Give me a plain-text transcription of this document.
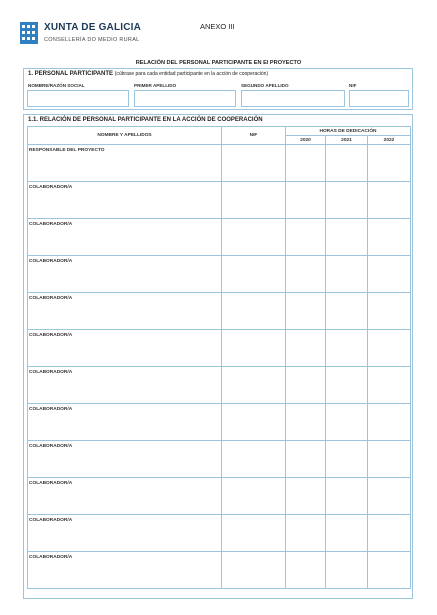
XUNTA DE GALICIA
CONSELLERÍA DO MEDIO RURAL
ANEXO III
RELACIÓN DEL PERSONAL PARTICIPANTE EN El PROYECTO
1. PERSONAL PARTICIPANTE (cúbrase para cada entidad participante en la acción de cooperación)
NOMBRE/RAZÓN SOCIAL	PRIMER APELLIDO	SEGUNDO APELLIDO	NIF
1.1. RELACIÓN DE PERSONAL PARTICIPANTE EN LA ACCIÓN DE COOPERACIÓN
NOMBRE Y APELLIDOS	NIF	HORAS DE DEDICACIÓN		
		2020	2021	2022
RESPONSABLE DEL PROYECTO				
COLABORADOR/A				
COLABORADOR/A				
COLABORADOR/A				
COLABORADOR/A				
COLABORADOR/A				
COLABORADOR/A				
COLABORADOR/A				
COLABORADOR/A				
COLABORADOR/A				
COLABORADOR/A				
COLABORADOR/A				
